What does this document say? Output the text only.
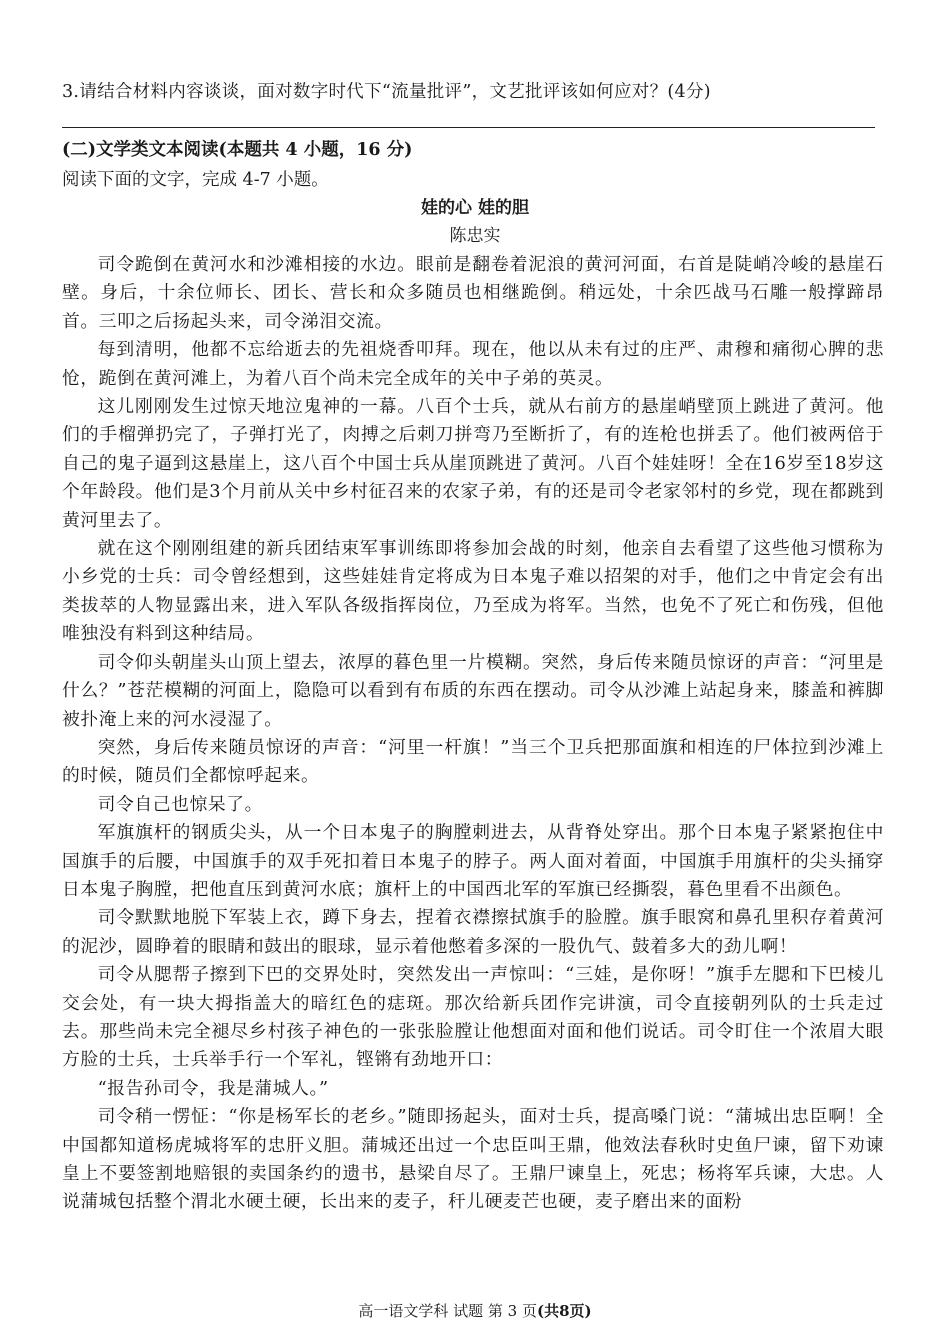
3.请结合材料内容谈谈，面对数字时代下“流量批评”，文艺批评该如何应对？(4分)
(二)文学类文本阅读(本题共 4 小题，16 分)
阅读下面的文字，完成 4-7 小题。
娃的心 娃的胆
陈忠实

司令跪倒在黄河水和沙滩相接的水边。眼前是翻卷着泥浪的黄河河面，右首是陡峭冷峻的悬崖石壁。身后，十余位师长、团长、营长和众多随员也相继跪倒。稍远处，十余匹战马石雕一般撑蹄昂首。三叩之后扬起头来，司令涕泪交流。

每到清明，他都不忘给逝去的先祖烧香叩拜。现在，他以从未有过的庄严、肃穆和痛彻心脾的悲怆，跪倒在黄河滩上，为着八百个尚未完全成年的关中子弟的英灵。

这儿刚刚发生过惊天地泣鬼神的一幕。八百个士兵，就从右前方的悬崖峭壁顶上跳进了黄河。他们的手榴弹扔完了，子弹打光了，肉搏之后刺刀拼弯乃至断折了，有的连枪也拼丢了。他们被两倍于自己的鬼子逼到这悬崖上，这八百个中国士兵从崖顶跳进了黄河。八百个娃娃呀！全在16岁至18岁这个年龄段。他们是3个月前从关中乡村征召来的农家子弟，有的还是司令老家邻村的乡党，现在都跳到黄河里去了。

就在这个刚刚组建的新兵团结束军事训练即将参加会战的时刻，他亲自去看望了这些他习惯称为小乡党的士兵：司令曾经想到，这些娃娃肯定将成为日本鬼子难以招架的对手，他们之中肯定会有出类拔萃的人物显露出来，进入军队各级指挥岗位，乃至成为将军。当然，也免不了死亡和伤残，但他唯独没有料到这种结局。

司令仰头朝崖头山顶上望去，浓厚的暮色里一片模糊。突然，身后传来随员惊讶的声音：“河里是什么？”苍茫模糊的河面上，隐隐可以看到有布质的东西在摆动。司令从沙滩上站起身来，膝盖和裤脚被扑淹上来的河水浸湿了。

突然，身后传来随员惊讶的声音：“河里一杆旗！”当三个卫兵把那面旗和相连的尸体拉到沙滩上的时候，随员们全都惊呼起来。

司令自己也惊呆了。

军旗旗杆的钢质尖头，从一个日本鬼子的胸膛刺进去，从背脊处穿出。那个日本鬼子紧紧抱住中国旗手的后腰，中国旗手的双手死扣着日本鬼子的脖子。两人面对着面，中国旗手用旗杆的尖头捅穿日本鬼子胸膛，把他直压到黄河水底；旗杆上的中国西北军的军旗已经撕裂，暮色里看不出颜色。

司令默默地脱下军装上衣，蹲下身去，捏着衣襟擦拭旗手的脸膛。旗手眼窝和鼻孔里积存着黄河的泥沙，圆睁着的眼睛和鼓出的眼球，显示着他憋着多深的一股仇气、鼓着多大的劲儿啊！

司令从腮帮子擦到下巴的交界处时，突然发出一声惊叫：“三娃，是你呀！”旗手左腮和下巴棱儿交会处，有一块大拇指盖大的暗红色的痣斑。那次给新兵团作完讲演，司令直接朝列队的士兵走过去。那些尚未完全褪尽乡村孩子神色的一张张脸膛让他想面对面和他们说话。司令盯住一个浓眉大眼方脸的士兵，士兵举手行一个军礼，铿锵有劲地开口：

“报告孙司令，我是蒲城人。”

司令稍一愣怔：“你是杨军长的老乡。”随即扬起头，面对士兵，提高嗓门说：“蒲城出忠臣啊！全中国都知道杨虎城将军的忠肝义胆。蒲城还出过一个忠臣叫王鼎，他效法春秋时史鱼尸谏，留下劝谏皇上不要签割地赔银的卖国条约的遗书，悬梁自尽了。王鼎尸谏皇上，死忠；杨将军兵谏，大忠。人说蒲城包括整个渭北水硬土硬，长出来的麦子，秆儿硬麦芒也硬，麦子磨出来的面粉

高一语文学科 试题 第 3 页(共8页)
